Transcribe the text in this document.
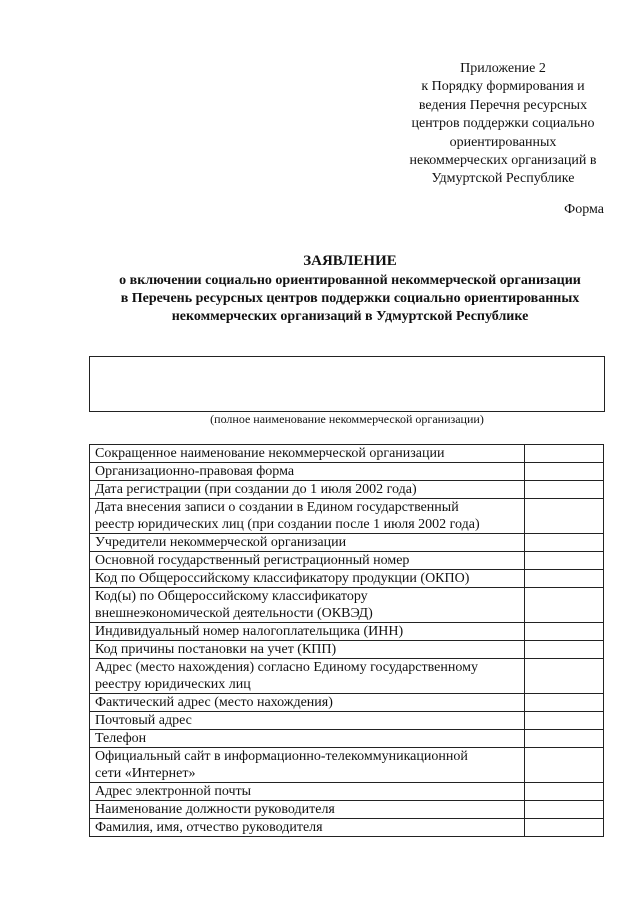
Приложение 2
к Порядку формирования и
ведения Перечня ресурсных
центров поддержки социально
ориентированных
некоммерческих организаций в
Удмуртской Республике
Форма
ЗАЯВЛЕНИЕ
о включении социально ориентированной некоммерческой организации
в Перечень ресурсных центров поддержки социально ориентированных
некоммерческих организаций в Удмуртской Республике
(полное наименование некоммерческой организации)
Сокращенное наименование некоммерческой организации	

Организационно-правовая форма	

Дата регистрации (при создании до 1 июля 2002 года)	

Дата внесения записи о создании в Едином государственный
реестр юридических лиц (при создании после 1 июля 2002 года)	

Учредители некоммерческой организации	

Основной государственный регистрационный номер	

Код по Общероссийскому классификатору продукции (ОКПО)	

Код(ы) по Общероссийскому классификатору
внешнеэкономической деятельности (ОКВЭД)	

Индивидуальный номер налогоплательщика (ИНН)	

Код причины постановки на учет (КПП)	

Адрес (место нахождения) согласно Единому государственному
реестру юридических лиц	

Фактический адрес (место нахождения)	

Почтовый адрес	

Телефон	

Официальный сайт в информационно-телекоммуникационной
сети «Интернет»	

Адрес электронной почты	

Наименование должности руководителя	

Фамилия, имя, отчество руководителя	
